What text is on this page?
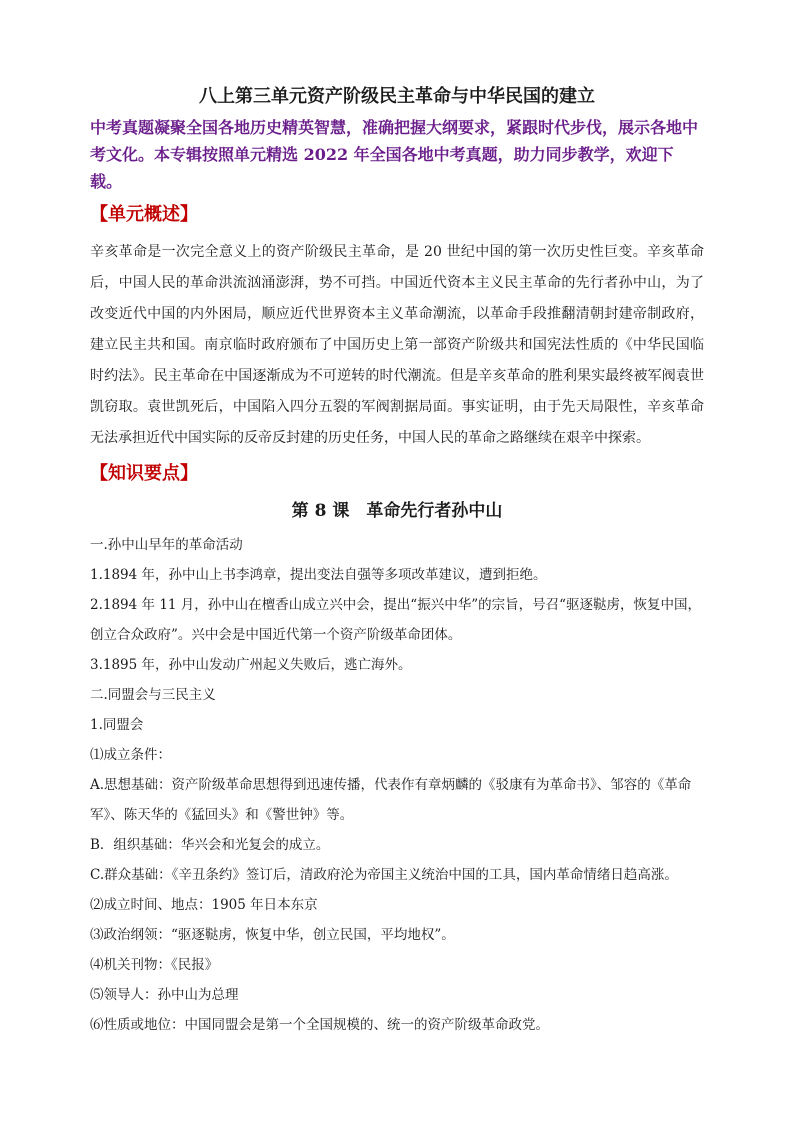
八上第三单元资产阶级民主革命与中华民国的建立

中考真题凝聚全国各地历史精英智慧，准确把握大纲要求，紧跟时代步伐，展示各地中考文化。本专辑按照单元精选 2022 年全国各地中考真题，助力同步教学，欢迎下载。

【单元概述】

辛亥革命是一次完全意义上的资产阶级民主革命，是 20 世纪中国的第一次历史性巨变。辛亥革命后，中国人民的革命洪流汹涌澎湃，势不可挡。中国近代资本主义民主革命的先行者孙中山，为了改变近代中国的内外困局，顺应近代世界资本主义革命潮流，以革命手段推翻清朝封建帝制政府，建立民主共和国。南京临时政府颁布了中国历史上第一部资产阶级共和国宪法性质的《中华民国临时约法》。民主革命在中国逐渐成为不可逆转的时代潮流。但是辛亥革命的胜利果实最终被军阀袁世凯窃取。袁世凯死后，中国陷入四分五裂的军阀割据局面。事实证明，由于先天局限性，辛亥革命无法承担近代中国实际的反帝反封建的历史任务，中国人民的革命之路继续在艰辛中探索。

【知识要点】
第 8 课　革命先行者孙中山

一.孙中山早年的革命活动

1.1894 年，孙中山上书李鸿章，提出变法自强等多项改革建议，遭到拒绝。

2.1894 年 11 月，孙中山在檀香山成立兴中会，提出“振兴中华”的宗旨，号召“驱逐鞑虏，恢复中国，创立合众政府”。兴中会是中国近代第一个资产阶级革命团体。

3.1895 年，孙中山发动广州起义失败后，逃亡海外。

二.同盟会与三民主义

1.同盟会

⑴成立条件：

A.思想基础：资产阶级革命思想得到迅速传播，代表作有章炳麟的《驳康有为革命书》、邹容的《革命军》、陈天华的《猛回头》和《警世钟》等。

B．组织基础：华兴会和光复会的成立。

C.群众基础：《辛丑条约》签订后，清政府沦为帝国主义统治中国的工具，国内革命情绪日趋高涨。

⑵成立时间、地点：1905 年日本东京

⑶政治纲领：“驱逐鞑虏，恢复中华，创立民国，平均地权”。

⑷机关刊物：《民报》

⑸领导人：孙中山为总理

⑹性质或地位：中国同盟会是第一个全国规模的、统一的资产阶级革命政党。
